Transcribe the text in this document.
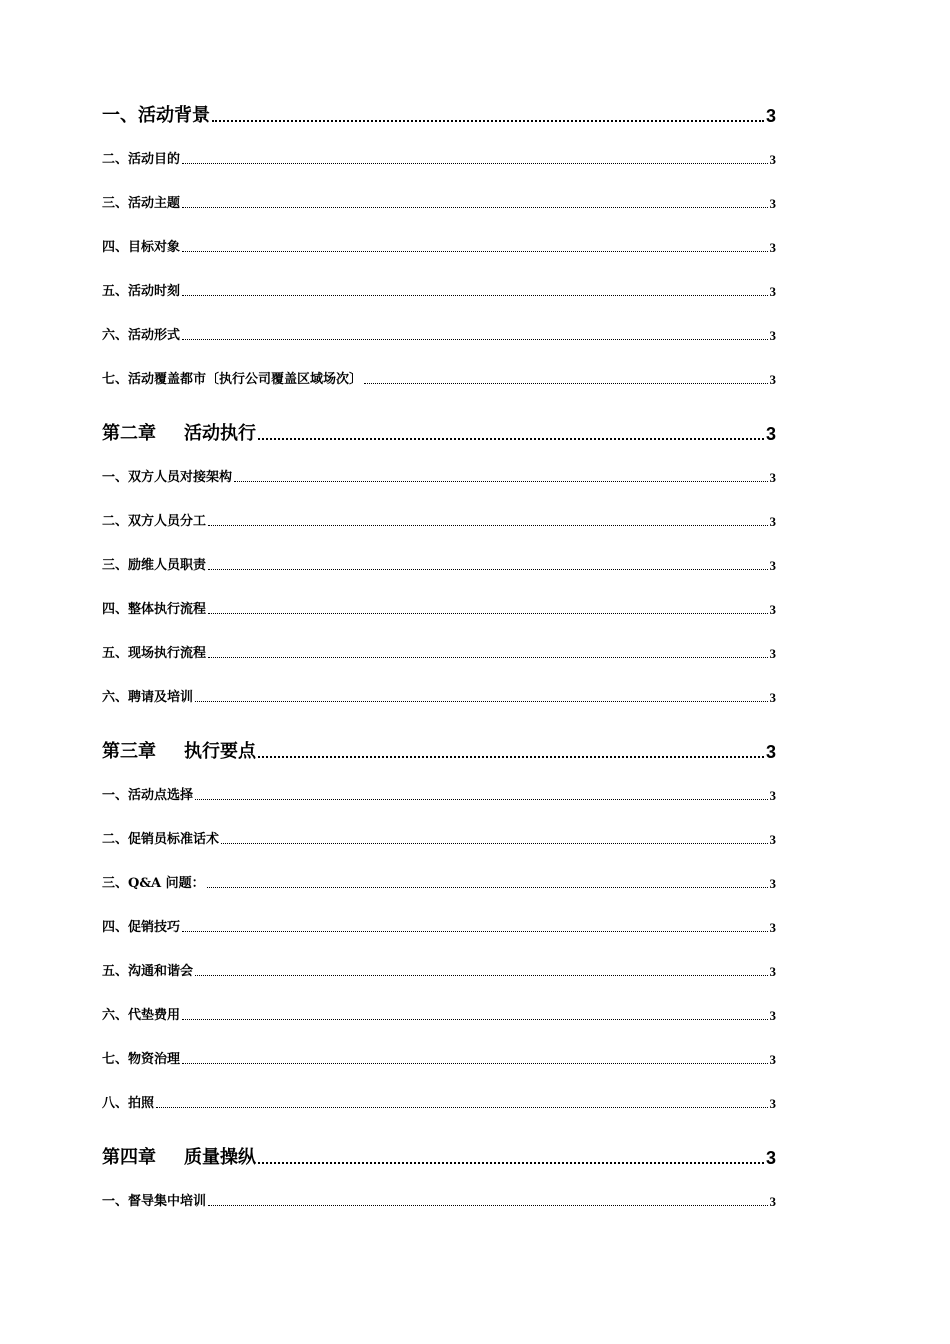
一、活动背景	3
二、活动目的	3
三、活动主题	3
四、目标对象	3
五、活动时刻	3
六、活动形式	3
七、活动覆盖都市〔执行公司覆盖区域场次〕	3
第二章 活动执行	3
一、双方人员对接架构	3
二、双方人员分工	3
三、励维人员职责	3
四、整体执行流程	3
五、现场执行流程	3
六、聘请及培训	3
第三章 执行要点	3
一、活动点选择	3
二、促销员标准话术	3
三、Q&A 问题：	3
四、促销技巧	3
五、沟通和谐会	3
六、代垫费用	3
七、物资治理	3
八、拍照	3
第四章 质量操纵	3
一、督导集中培训	3
